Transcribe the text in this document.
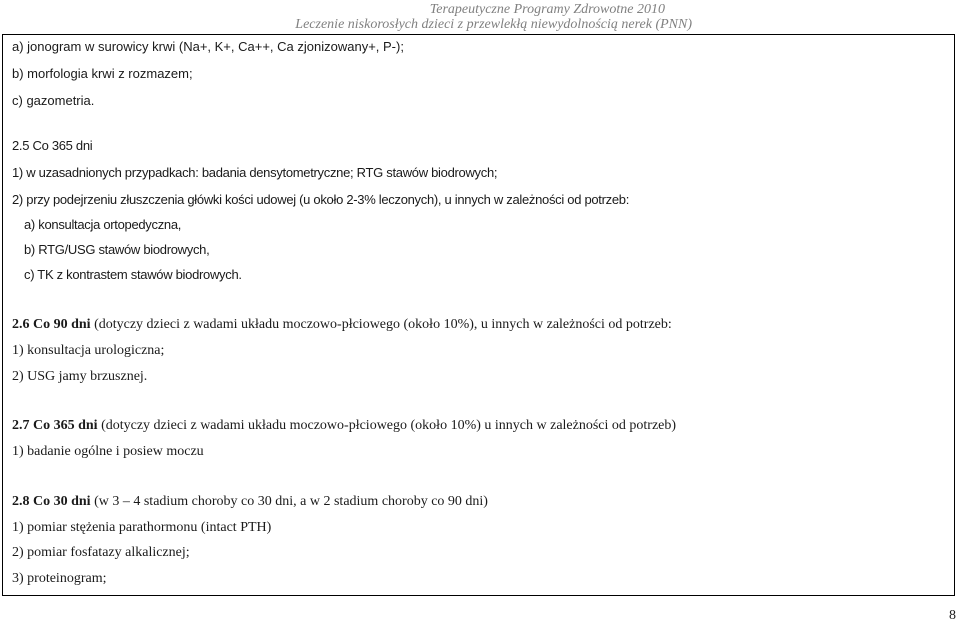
Terapeutyczne Programy Zdrowotne 2010
Leczenie niskorosłych dzieci z przewlekłą niewydolnością nerek (PNN)
a) jonogram w surowicy krwi (Na+, K+, Ca++, Ca zjonizowany+, P-);
b) morfologia krwi z rozmazem;
c) gazometria.
2.5 Co 365 dni
1) w uzasadnionych przypadkach: badania densytometryczne; RTG stawów biodrowych;
2) przy podejrzeniu złuszczenia główki kości udowej (u około 2-3% leczonych), u innych w zależności od potrzeb:
a) konsultacja ortopedyczna,
b) RTG/USG stawów biodrowych,
c) TK z kontrastem stawów biodrowych.
2.6 Co 90 dni (dotyczy dzieci z wadami układu moczowo-płciowego (około 10%), u innych w zależności od potrzeb:
1) konsultacja urologiczna;
2) USG jamy brzusznej.
2.7 Co 365 dni (dotyczy dzieci z wadami układu moczowo-płciowego (około 10%) u innych w zależności od potrzeb)
1) badanie ogólne i posiew moczu
2.8 Co 30 dni (w 3 – 4 stadium choroby co 30 dni, a w 2 stadium choroby co 90 dni)
1) pomiar stężenia parathormonu (intact PTH)
2) pomiar fosfatazy alkalicznej;
3) proteinogram;
8
